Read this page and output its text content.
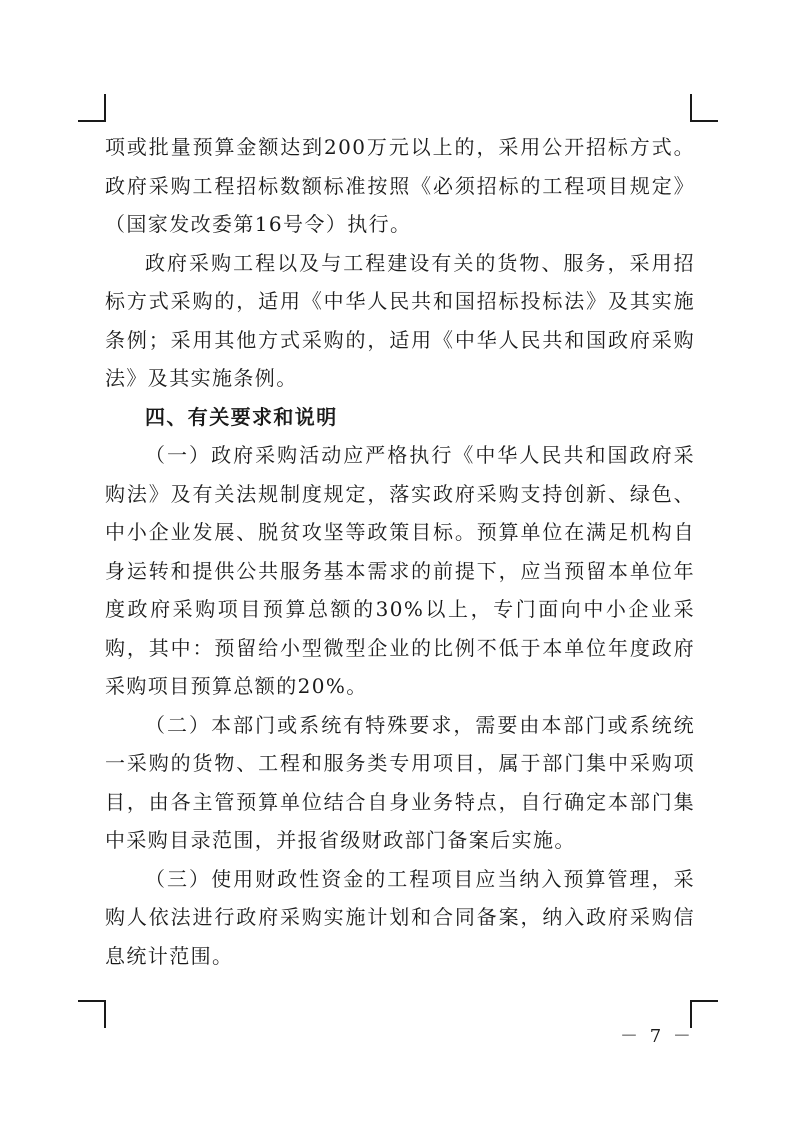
项或批量预算金额达到200万元以上的，采用公开招标方式。政府采购工程招标数额标准按照《必须招标的工程项目规定》（国家发改委第16号令）执行。

政府采购工程以及与工程建设有关的货物、服务，采用招标方式采购的，适用《中华人民共和国招标投标法》及其实施条例；采用其他方式采购的，适用《中华人民共和国政府采购法》及其实施条例。

四、有关要求和说明

（一）政府采购活动应严格执行《中华人民共和国政府采购法》及有关法规制度规定，落实政府采购支持创新、绿色、中小企业发展、脱贫攻坚等政策目标。预算单位在满足机构自身运转和提供公共服务基本需求的前提下，应当预留本单位年度政府采购项目预算总额的30%以上，专门面向中小企业采购，其中：预留给小型微型企业的比例不低于本单位年度政府采购项目预算总额的20%。

（二）本部门或系统有特殊要求，需要由本部门或系统统一采购的货物、工程和服务类专用项目，属于部门集中采购项目，由各主管预算单位结合自身业务特点，自行确定本部门集中采购目录范围，并报省级财政部门备案后实施。

（三）使用财政性资金的工程项目应当纳入预算管理，采购人依法进行政府采购实施计划和合同备案，纳入政府采购信息统计范围。

－ 7 －
